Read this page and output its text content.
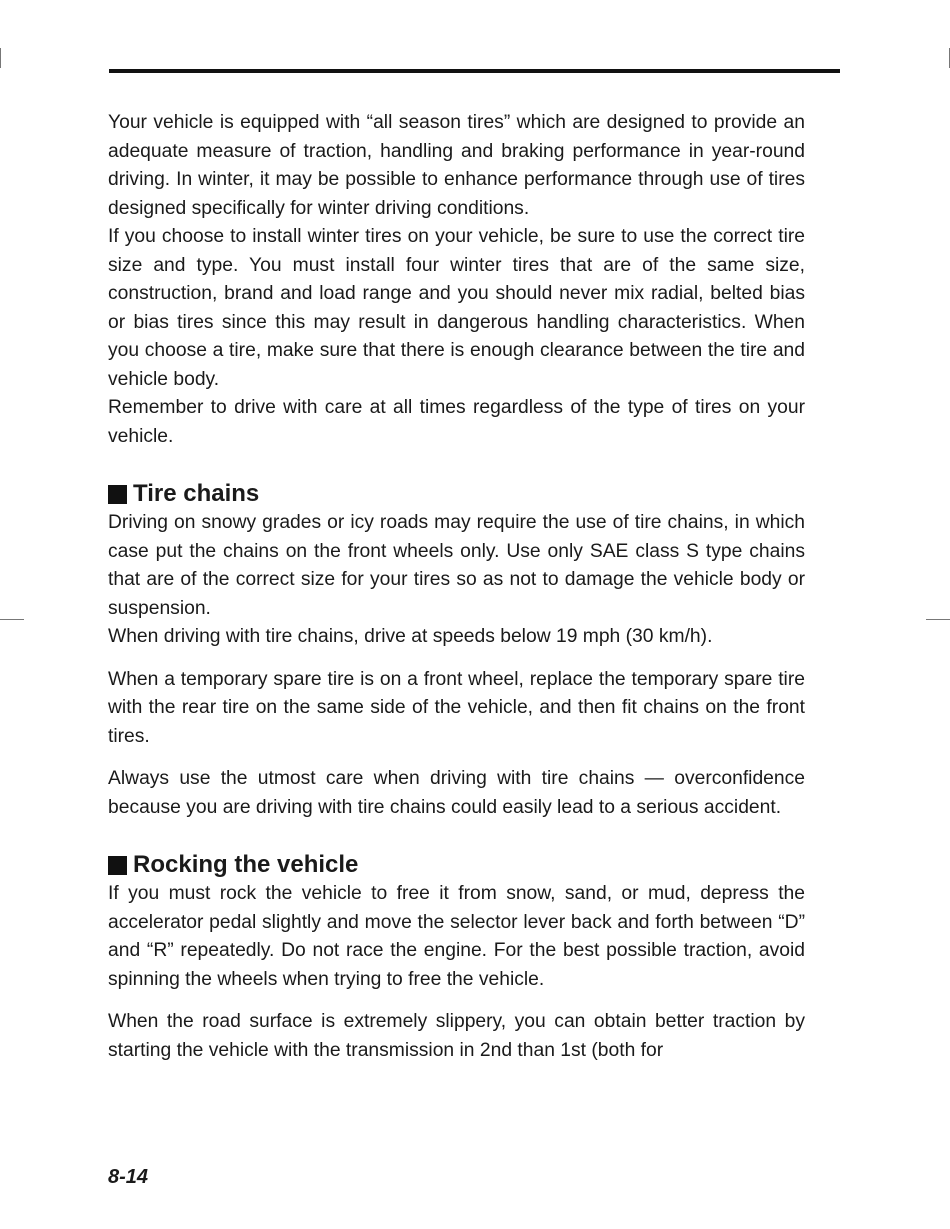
Your vehicle is equipped with “all season tires” which are designed to provide an adequate measure of traction, handling and braking performance in year-round driving. In winter, it may be possible to enhance performance through use of tires designed specifically for winter driving conditions.

If you choose to install winter tires on your vehicle, be sure to use the correct tire size and type. You must install four winter tires that are of the same size, construction, brand and load range and you should never mix radial, belted bias or bias tires since this may result in dangerous handling characteristics. When you choose a tire, make sure that there is enough clearance between the tire and vehicle body.

Remember to drive with care at all times regardless of the type of tires on your vehicle.

Tire chains

Driving on snowy grades or icy roads may require the use of tire chains, in which case put the chains on the front wheels only. Use only SAE class S type chains that are of the correct size for your tires so as not to damage the vehicle body or suspension.

When driving with tire chains, drive at speeds below 19 mph (30 km/h).

When a temporary spare tire is on a front wheel, replace the temporary spare tire with the rear tire on the same side of the vehicle, and then fit chains on the front tires.

Always use the utmost care when driving with tire chains — overconfidence because you are driving with tire chains could easily lead to a serious accident.

Rocking the vehicle

If you must rock the vehicle to free it from snow, sand, or mud, depress the accelerator pedal slightly and move the selector lever back and forth between “D” and “R” repeatedly. Do not race the engine. For the best possible traction, avoid spinning the wheels when trying to free the vehicle.

When the road surface is extremely slippery, you can obtain better traction by starting the vehicle with the transmission in 2nd than 1st (both for

8-14
